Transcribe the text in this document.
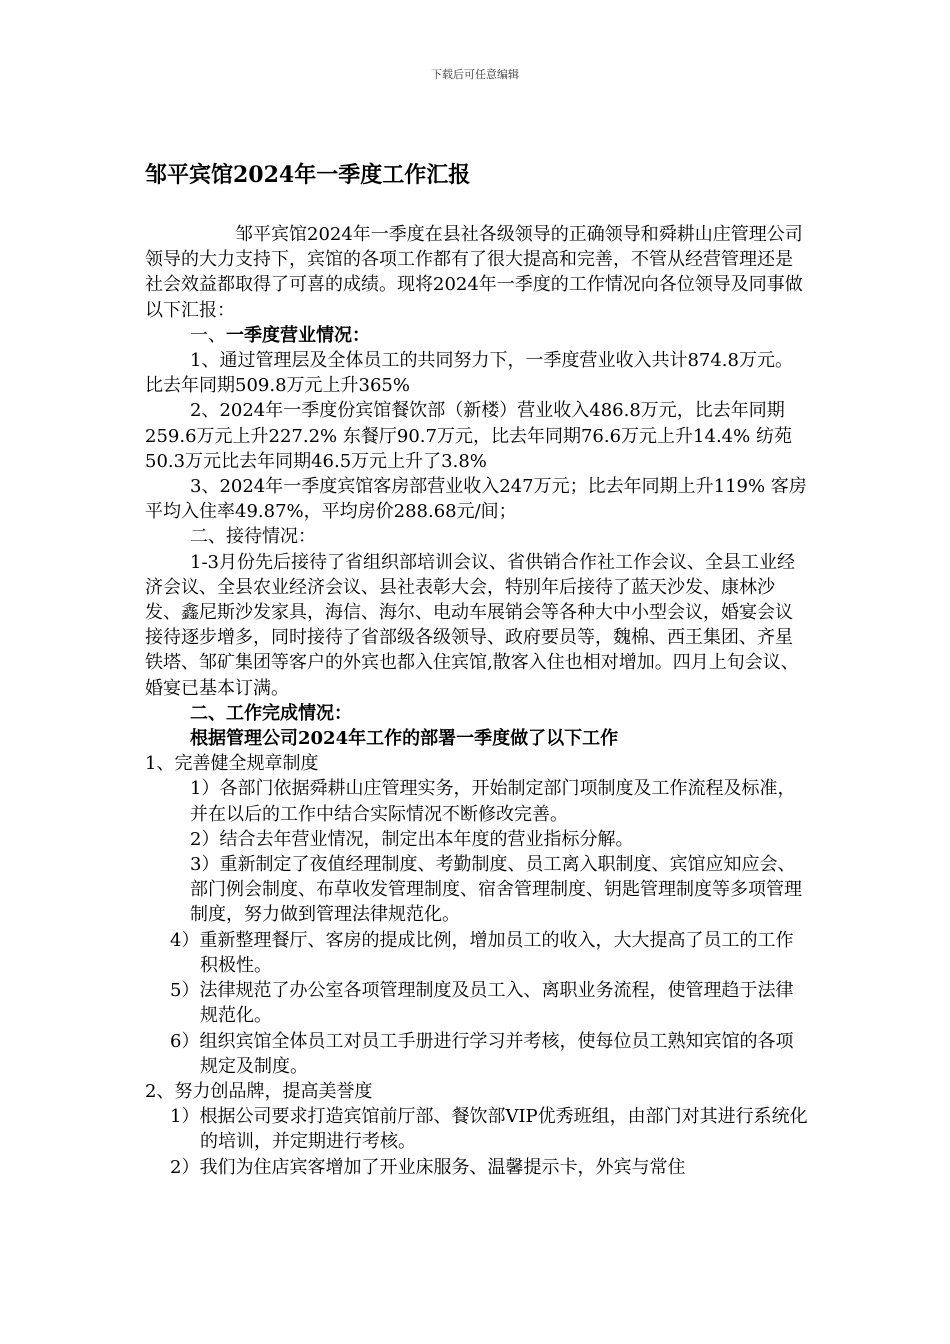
下载后可任意编辑
邹平宾馆2024年一季度工作汇报

邹平宾馆2024年一季度在县社各级领导的正确领导和舜耕山庄管理公司领导的大力支持下，宾馆的各项工作都有了很大提高和完善，不管从经营管理还是社会效益都取得了可喜的成绩。现将2024年一季度的工作情况向各位领导及同事做以下汇报：

一、一季度营业情况：

1、通过管理层及全体员工的共同努力下，一季度营业收入共计874.8万元。比去年同期509.8万元上升365%

2、2024年一季度份宾馆餐饮部（新楼）营业收入486.8万元，比去年同期259.6万元上升227.2% 东餐厅90.7万元，比去年同期76.6万元上升14.4% 纺苑50.3万元比去年同期46.5万元上升了3.8%

3、2024年一季度宾馆客房部营业收入247万元；比去年同期上升119% 客房平均入住率49.87%，平均房价288.68元/间；

二、接待情况：

1-3月份先后接待了省组织部培训会议、省供销合作社工作会议、全县工业经济会议、全县农业经济会议、县社表彰大会，特别年后接待了蓝天沙发、康林沙发、鑫尼斯沙发家具，海信、海尔、电动车展销会等各种大中小型会议，婚宴会议接待逐步增多，同时接待了省部级各级领导、政府要员等，魏棉、西王集团、齐星铁塔、邹矿集团等客户的外宾也都入住宾馆,散客入住也相对增加。四月上旬会议、婚宴已基本订满。

二、工作完成情况：

根据管理公司2024年工作的部署一季度做了以下工作

1、完善健全规章制度

1）各部门依据舜耕山庄管理实务，开始制定部门项制度及工作流程及标准， 并在以后的工作中结合实际情况不断修改完善。

2）结合去年营业情况，制定出本年度的营业指标分解。

3）重新制定了夜值经理制度、考勤制度、员工离入职制度、宾馆应知应会、部门例会制度、布草收发管理制度、宿舍管理制度、钥匙管理制度等多项管理制度，努力做到管理法律规范化。

4）重新整理餐厅、客房的提成比例，增加员工的收入，大大提高了员工的工作积极性。

5）法律规范了办公室各项管理制度及员工入、离职业务流程，使管理趋于法律规范化。

6）组织宾馆全体员工对员工手册进行学习并考核，使每位员工熟知宾馆的各项规定及制度。

2、努力创品牌，提高美誉度

1）根据公司要求打造宾馆前厅部、餐饮部VIP优秀班组，由部门对其进行系统化的培训，并定期进行考核。

2）我们为住店宾客增加了开业床服务、温馨提示卡，外宾与常住
